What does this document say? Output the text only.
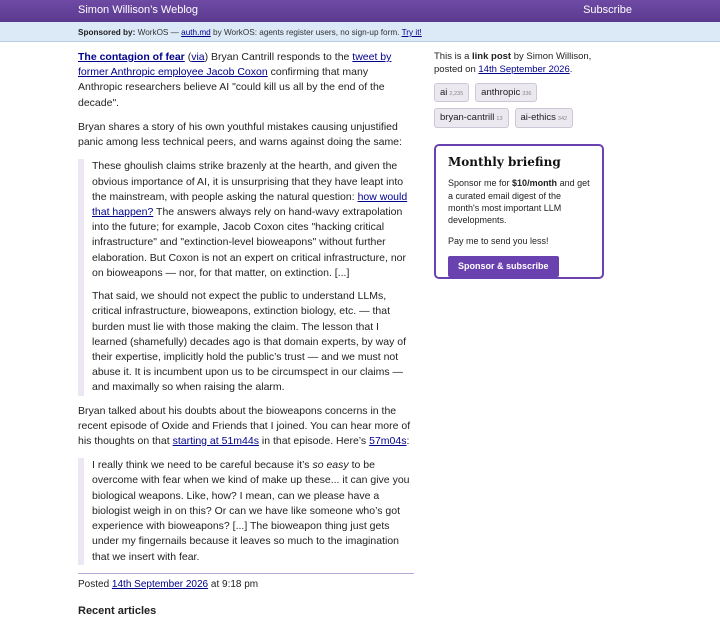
Simon Willison’s Weblog	Subscribe
Sponsored by: WorkOS — auth.md by WorkOS: agents register users, no sign-up form. Try it!

The contagion of fear (via) Bryan Cantrill responds to the tweet by former Anthropic employee Jacob Coxon confirming that many Anthropic researchers believe AI "could kill us all by the end of the decade".

Bryan shares a story of his own youthful mistakes causing unjustified panic among less technical peers, and warns against doing the same:

These ghoulish claims strike brazenly at the hearth, and given the obvious importance of AI, it is unsurprising that they have leapt into the mainstream, with people asking the natural question: how would that happen? The answers always rely on hand-wavy extrapolation into the future; for example, Jacob Coxon cites "hacking critical infrastructure" and "extinction-level bioweapons" without further elaboration. But Coxon is not an expert on critical infrastructure, nor on bioweapons — nor, for that matter, on extinction. [...]

That said, we should not expect the public to understand LLMs, critical infrastructure, bioweapons, extinction biology, etc. — that burden must lie with those making the claim. The lesson that I learned (shamefully) decades ago is that domain experts, by way of their expertise, implicitly hold the public’s trust — and we must not abuse it. It is incumbent upon us to be circumspect in our claims — and maximally so when raising the alarm.

Bryan talked about his doubts about the bioweapons concerns in the recent episode of Oxide and Friends that I joined. You can hear more of his thoughts on that starting at 51m44s in that episode. Here’s 57m04s:

I really think we need to be careful because it’s so easy to be overcome with fear when we kind of make up these... it can give you biological weapons. Like, how? I mean, can we please have a biologist weigh in on this? Or can we have like someone who’s got experience with bioweapons? [...] The bioweapon thing just gets under my fingernails because it leaves so much to the imagination that we insert with fear.

Posted 14th September 2026 at 9:18 pm
Recent articles
This is a link post by Simon Willison, posted on 14th September 2026.
ai 2,235	anthropic 336
bryan-cantrill 13	ai-ethics 342
Monthly briefing

Sponsor me for $10/month and get a curated email digest of the month's most important LLM developments.

Pay me to send you less!

Sponsor & subscribe
